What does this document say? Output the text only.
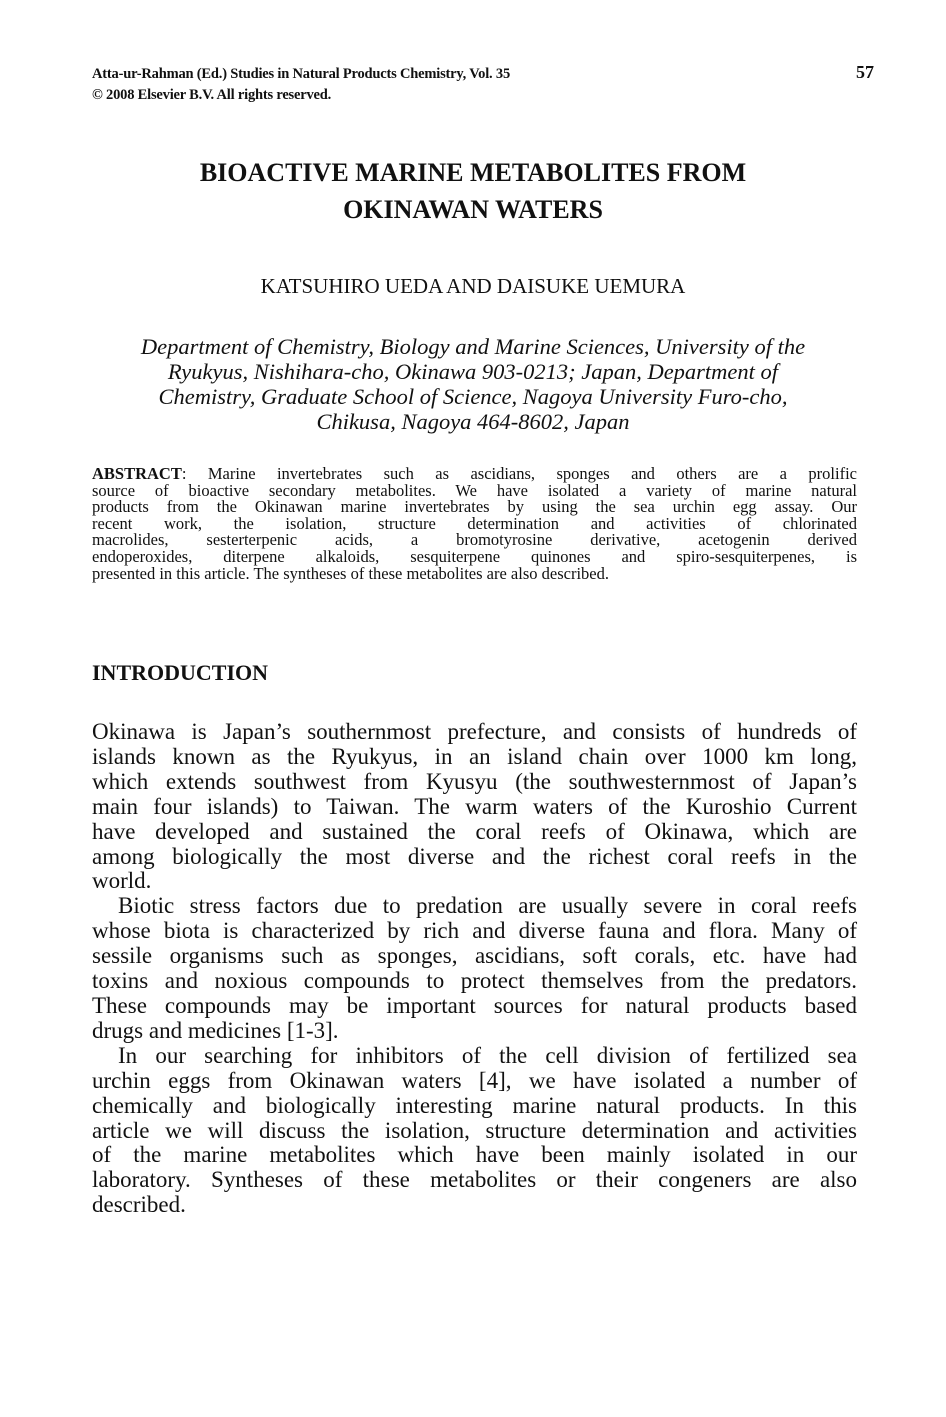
Atta-ur-Rahman (Ed.) Studies in Natural Products Chemistry, Vol. 35
© 2008 Elsevier B.V. All rights reserved.
57
BIOACTIVE MARINE METABOLITES FROM
OKINAWAN WATERS
KATSUHIRO UEDA AND DAISUKE UEMURA
Department of Chemistry, Biology and Marine Sciences, University of the
Ryukyus, Nishihara-cho, Okinawa 903-0213; Japan, Department of
Chemistry, Graduate School of Science, Nagoya University Furo-cho,
Chikusa, Nagoya 464-8602, Japan
ABSTRACT: Marine invertebrates such as ascidians, sponges and others are a prolific
source of bioactive secondary metabolites. We have isolated a variety of marine natural
products from the Okinawan marine invertebrates by using the sea urchin egg assay. Our
recent work, the isolation, structure determination and activities of chlorinated
macrolides, sesterterpenic acids, a bromotyrosine derivative, acetogenin derived
endoperoxides, diterpene alkaloids, sesquiterpene quinones and spiro-sesquiterpenes, is
presented in this article. The syntheses of these metabolites are also described.
INTRODUCTION
Okinawa is Japan’s southernmost prefecture, and consists of hundreds of
islands known as the Ryukyus, in an island chain over 1000 km long,
which extends southwest from Kyusyu (the southwesternmost of Japan’s
main four islands) to Taiwan. The warm waters of the Kuroshio Current
have developed and sustained the coral reefs of Okinawa, which are
among biologically the most diverse and the richest coral reefs in the
world.
Biotic stress factors due to predation are usually severe in coral reefs
whose biota is characterized by rich and diverse fauna and flora. Many of
sessile organisms such as sponges, ascidians, soft corals, etc. have had
toxins and noxious compounds to protect themselves from the predators.
These compounds may be important sources for natural products based
drugs and medicines [1-3].
In our searching for inhibitors of the cell division of fertilized sea
urchin eggs from Okinawan waters [4], we have isolated a number of
chemically and biologically interesting marine natural products. In this
article we will discuss the isolation, structure determination and activities
of the marine metabolites which have been mainly isolated in our
laboratory. Syntheses of these metabolites or their congeners are also
described.
